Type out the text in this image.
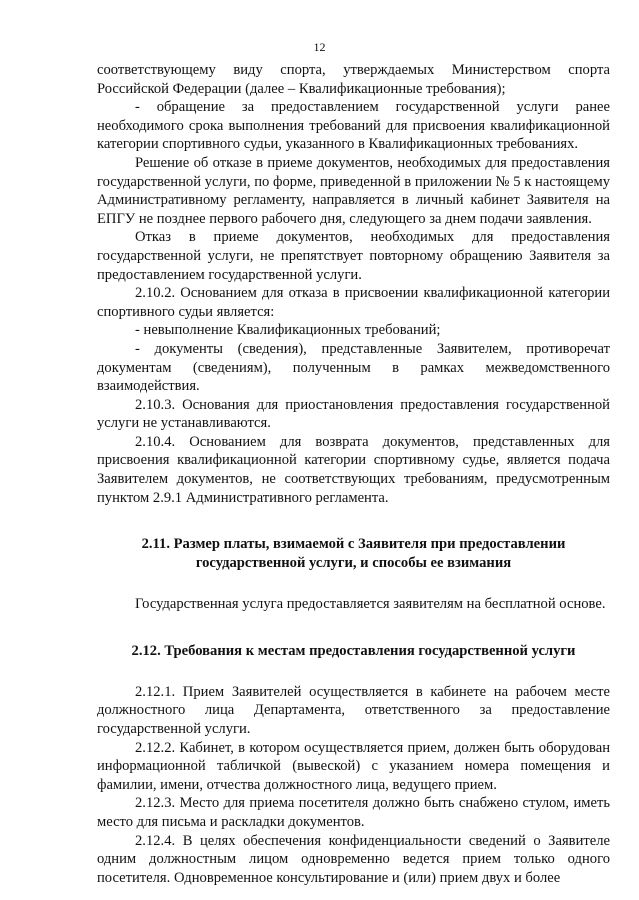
12

соответствующему виду спорта, утверждаемых Министерством спорта Российской Федерации (далее – Квалификационные требования);

- обращение за предоставлением государственной услуги ранее необходимого срока выполнения требований для присвоения квалификационной категории спортивного судьи, указанного в Квалификационных требованиях.

Решение об отказе в приеме документов, необходимых для предоставления государственной услуги, по форме, приведенной в приложении № 5 к настоящему Административному регламенту, направляется в личный кабинет Заявителя на ЕПГУ не позднее первого рабочего дня, следующего за днем подачи заявления.

Отказ в приеме документов, необходимых для предоставления государственной услуги, не препятствует повторному обращению Заявителя за предоставлением государственной услуги.

2.10.2. Основанием для отказа в присвоении квалификационной категории спортивного судьи является:

- невыполнение Квалификационных требований;

- документы (сведения), представленные Заявителем, противоречат документам (сведениям), полученным в рамках межведомственного взаимодействия.

2.10.3. Основания для приостановления предоставления государственной услуги не устанавливаются.

2.10.4. Основанием для возврата документов, представленных для присвоения квалификационной категории спортивному судье, является подача Заявителем документов, не соответствующих требованиям, предусмотренным пунктом 2.9.1 Административного регламента.

2.11. Размер платы, взимаемой с Заявителя при предоставлении государственной услуги, и способы ее взимания

Государственная услуга предоставляется заявителям на бесплатной основе.

2.12. Требования к местам предоставления государственной услуги

2.12.1. Прием Заявителей осуществляется в кабинете на рабочем месте должностного лица Департамента, ответственного за предоставление государственной услуги.

2.12.2. Кабинет, в котором осуществляется прием, должен быть оборудован информационной табличкой (вывеской) с указанием номера помещения и фамилии, имени, отчества должностного лица, ведущего прием.

2.12.3. Место для приема посетителя должно быть снабжено стулом, иметь место для письма и раскладки документов.

2.12.4. В целях обеспечения конфиденциальности сведений о Заявителе одним должностным лицом одновременно ведется прием только одного посетителя. Одновременное консультирование и (или) прием двух и более
